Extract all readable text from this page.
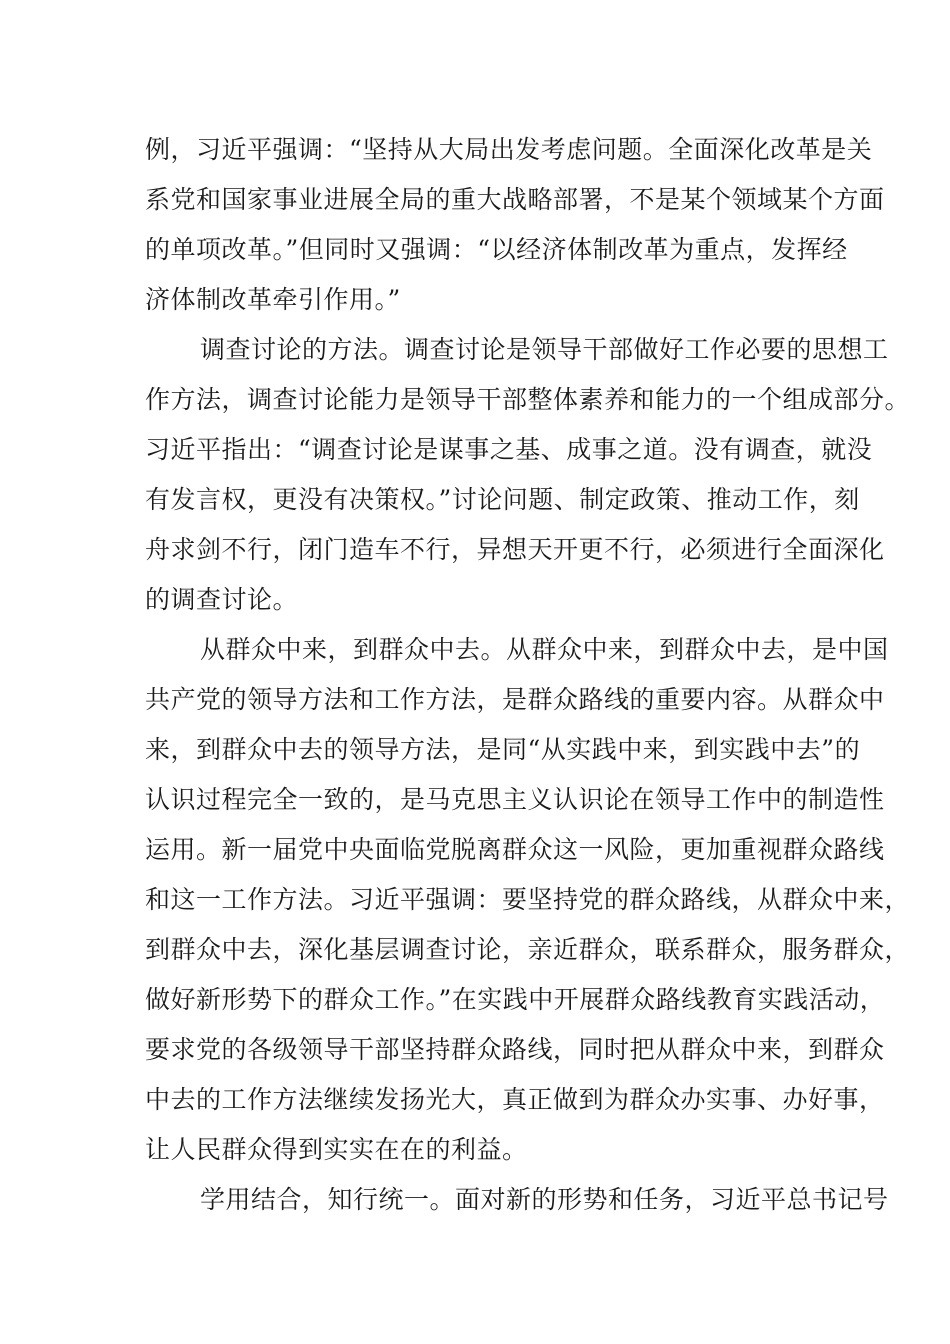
例，习近平强调：“坚持从大局出发考虑问题。全面深化改革是关
系党和国家事业进展全局的重大战略部署，不是某个领域某个方面
的单项改革。”但同时又强调：“以经济体制改革为重点，发挥经
济体制改革牵引作用。”
调查讨论的方法。调查讨论是领导干部做好工作必要的思想工
作方法，调查讨论能力是领导干部整体素养和能力的一个组成部分。
习近平指出：“调查讨论是谋事之基、成事之道。没有调查，就没
有发言权，更没有决策权。”讨论问题、制定政策、推动工作，刻
舟求剑不行，闭门造车不行，异想天开更不行，必须进行全面深化
的调查讨论。
从群众中来，到群众中去。从群众中来，到群众中去，是中国
共产党的领导方法和工作方法，是群众路线的重要内容。从群众中
来，到群众中去的领导方法，是同“从实践中来，到实践中去”的
认识过程完全一致的，是马克思主义认识论在领导工作中的制造性
运用。新一届党中央面临党脱离群众这一风险，更加重视群众路线
和这一工作方法。习近平强调：要坚持党的群众路线，从群众中来，
到群众中去，深化基层调查讨论，亲近群众，联系群众，服务群众，
做好新形势下的群众工作。”在实践中开展群众路线教育实践活动，
要求党的各级领导干部坚持群众路线，同时把从群众中来，到群众
中去的工作方法继续发扬光大，真正做到为群众办实事、办好事，
让人民群众得到实实在在的利益。
学用结合，知行统一。面对新的形势和任务，习近平总书记号
